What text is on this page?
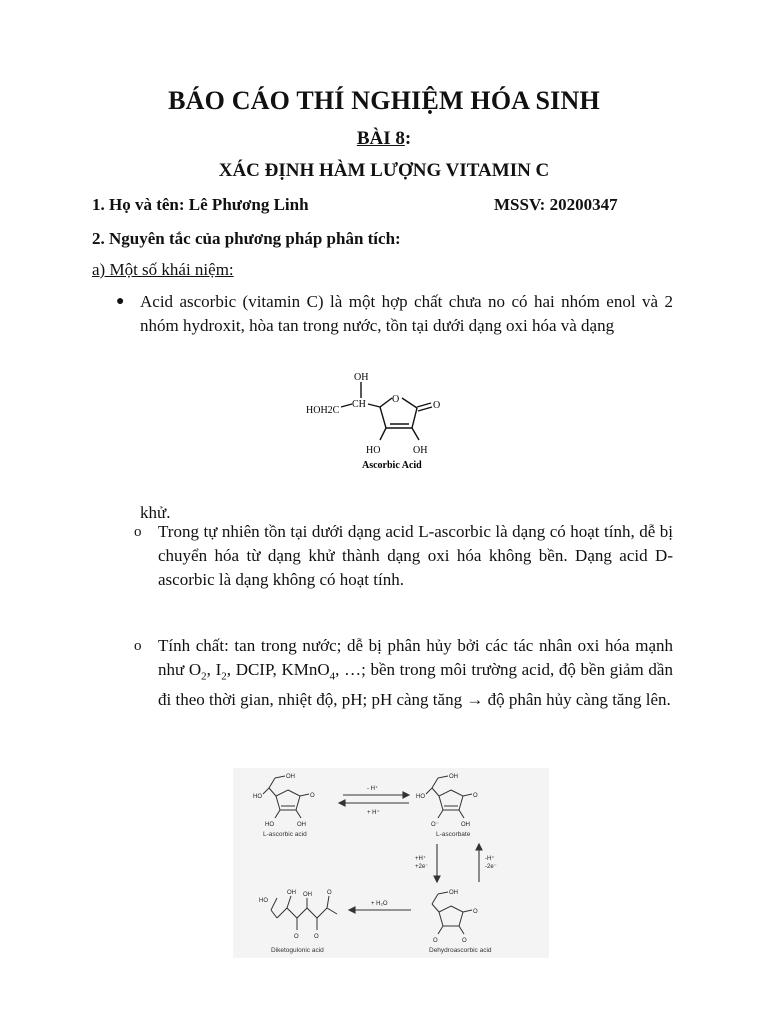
BÁO CÁO THÍ NGHIỆM HÓA SINH
BÀI 8:
XÁC ĐỊNH HÀM LƯỢNG VITAMIN C
1. Họ và tên: Lê Phương Linh	MSSV: 20200347
2. Nguyên tắc của phương pháp phân tích:
a) Một số khái niệm:
● Acid ascorbic (vitamin C) là một hợp chất chưa no có hai nhóm enol và 2 nhóm hydroxit, hòa tan trong nước, tồn tại dưới dạng oxi hóa và dạng
OH
CH
HOH2C
O
O
HO	OH
Ascorbic Acid
khử.
o Trong tự nhiên tồn tại dưới dạng acid L-ascorbic là dạng có hoạt tính, dễ bị chuyển hóa từ dạng khử thành dạng oxi hóa không bền. Dạng acid D-ascorbic là dạng không có hoạt tính.
o Tính chất: tan trong nước; dễ bị phân hủy bởi các tác nhân oxi hóa mạnh như $O_2$, $I_2$, DCIP, KMnO$_4$, …; bền trong môi trường acid, độ bền giảm dần đi theo thời gian, nhiệt độ, pH; pH càng tăng → độ phân hủy càng tăng lên.
- H⁺
+ H⁺
+H⁺
+2e⁻
-H⁺
-2e⁻
+ H₂O
OH
HO	O
HO	OH
OH
HO	O
O⁻	OH
OH
O
O	O
OH
HO
OH
O	O
O
L-ascorbic acid	L-ascorbate
Dehydroascorbic acid
Diketogulonic acid
